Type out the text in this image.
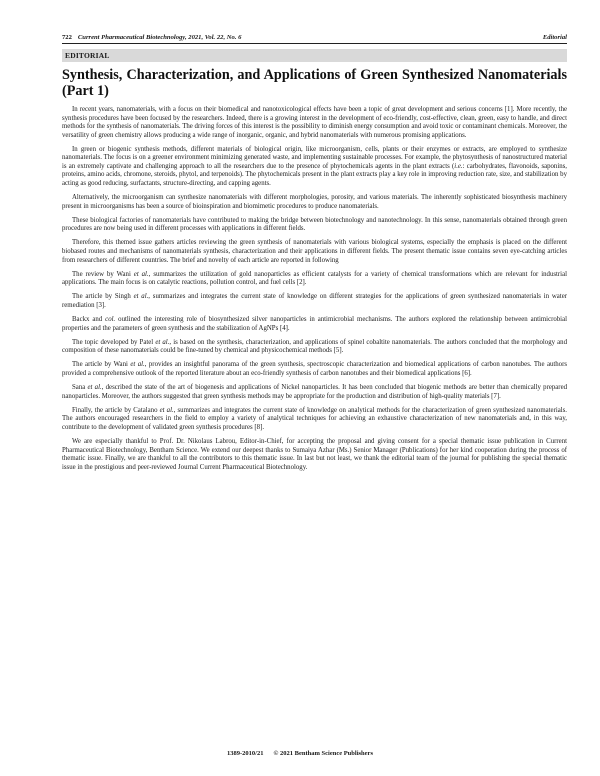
722 Current Pharmaceutical Biotechnology, 2021, Vol. 22, No. 6	Editorial
EDITORIAL
Synthesis, Characterization, and Applications of Green Synthesized Nanomaterials (Part 1)

In recent years, nanomaterials, with a focus on their biomedical and nanotoxicological effects have been a topic of great development and serious concerns [1]. More recently, the synthesis procedures have been focused by the researchers. Indeed, there is a growing interest in the development of eco-friendly, cost-effective, clean, green, easy to handle, and direct methods for the synthesis of nanomaterials. The driving forces of this interest is the possibility to diminish energy consumption and avoid toxic or contaminant chemicals. Moreover, the versatility of green chemistry allows producing a wide range of inorganic, organic, and hybrid nanomaterials with numerous promising applications.

In green or biogenic synthesis methods, different materials of biological origin, like microorganism, cells, plants or their enzymes or extracts, are employed to synthesize nanomaterials. The focus is on a greener environment minimizing generated waste, and implementing sustainable processes. For example, the phytosynthesis of nanostructured material is an extremely captivate and challenging approach to all the researchers due to the presence of phytochemicals agents in the plant extracts (i.e.: carbohydrates, flavonoids, saponins, proteins, amino acids, chromone, steroids, phytol, and terpenoids). The phytochemicals present in the plant extracts play a key role in improving reduction rate, size, and stabilization by acting as good reducing, surfactants, structure-directing, and capping agents.

Alternatively, the microorganism can synthesize nanomaterials with different morphologies, porosity, and various materials. The inherently sophisticated biosynthesis machinery present in microorganisms has been a source of bioinspiration and biomimetic procedures to produce nanomaterials.

These biological factories of nanomaterials have contributed to making the bridge between biotechnology and nanotechnology. In this sense, nanomaterials obtained through green procedures are now being used in different processes with applications in different fields.

Therefore, this themed issue gathers articles reviewing the green synthesis of nanomaterials with various biological systems, especially the emphasis is placed on the different biobased routes and mechanisms of nanomaterials synthesis, characterization and their applications in different fields. The present thematic issue contains seven eye-catching articles from researchers of different countries. The brief and novelty of each article are reported in following

The review by Wani et al., summarizes the utilization of gold nanoparticles as efficient catalysts for a variety of chemical transformations which are relevant for industrial applications. The main focus is on catalytic reactions, pollution control, and fuel cells [2].

The article by Singh et al., summarizes and integrates the current state of knowledge on different strategies for the applications of green synthesized nanomaterials in water remediation [3].

Backx and col. outlined the interesting role of biosynthesized silver nanoparticles in antimicrobial mechanisms. The authors explored the relationship between antimicrobial properties and the parameters of green synthesis and the stabilization of AgNPs [4].

The topic developed by Patel et al., is based on the synthesis, characterization, and applications of spinel cobaltite nanomaterials. The authors concluded that the morphology and composition of these nanomaterials could be fine-tuned by chemical and physicochemical methods [5].

The article by Wani et al., provides an insightful panorama of the green synthesis, spectroscopic characterization and biomedical applications of carbon nanotubes. The authors provided a comprehensive outlook of the reported literature about an eco-friendly synthesis of carbon nanotubes and their biomedical applications [6].

Sana et al., described the state of the art of biogenesis and applications of Nickel nanoparticles. It has been concluded that biogenic methods are better than chemically prepared nanoparticles. Moreover, the authors suggested that green synthesis methods may be appropriate for the production and distribution of high-quality materials [7].

Finally, the article by Catalano et al., summarizes and integrates the current state of knowledge on analytical methods for the characterization of green synthesized nanomaterials. The authors encouraged researchers in the field to employ a variety of analytical techniques for achieving an exhaustive characterization of new nanomaterials and, in this way, contribute to the development of validated green synthesis procedures [8].

We are especially thankful to Prof. Dr. Nikolaus Labrou, Editor-in-Chief, for accepting the proposal and giving consent for a special thematic issue publication in Current Pharmaceutical Biotechnology, Bentham Science. We extend our deepest thanks to Sumaiya Azhar (Ms.) Senior Manager (Publications) for her kind cooperation during the process of thematic issue. Finally, we are thankful to all the contributors to this thematic issue. In last but not least, we thank the editorial team of the journal for publishing the special thematic issue in the prestigious and peer-reviewed Journal Current Pharmaceutical Biotechnology.

1389-2010/21 © 2021 Bentham Science Publishers
